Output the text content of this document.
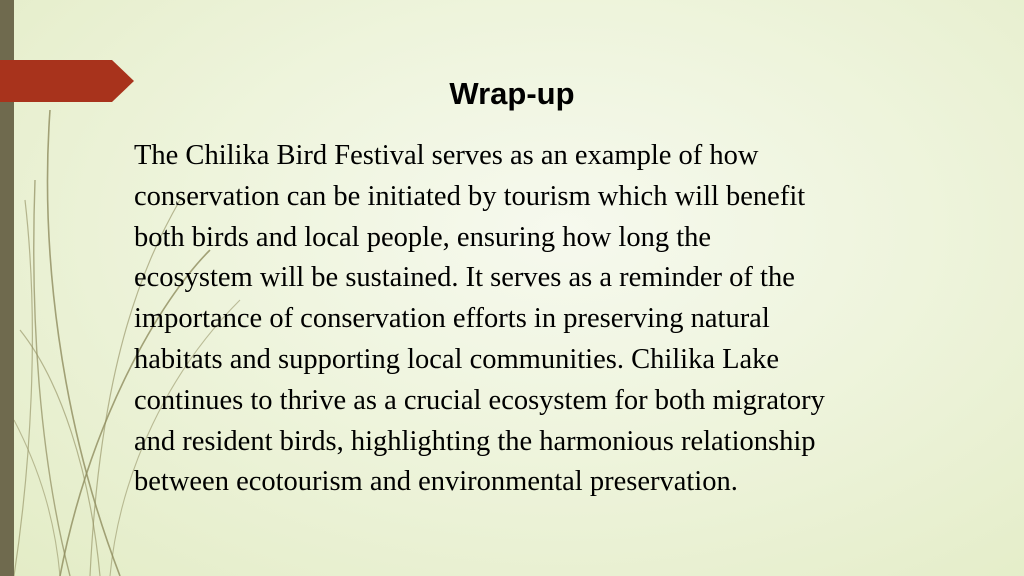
Wrap-up
The Chilika Bird Festival serves as an example of how
conservation can be initiated by tourism which will benefit
both birds and local people, ensuring how long the
ecosystem will be sustained. It serves as a reminder of the
importance of conservation efforts in preserving natural
habitats and supporting local communities. Chilika Lake
continues to thrive as a crucial ecosystem for both migratory
and resident birds, highlighting the harmonious relationship
between ecotourism and environmental preservation.
